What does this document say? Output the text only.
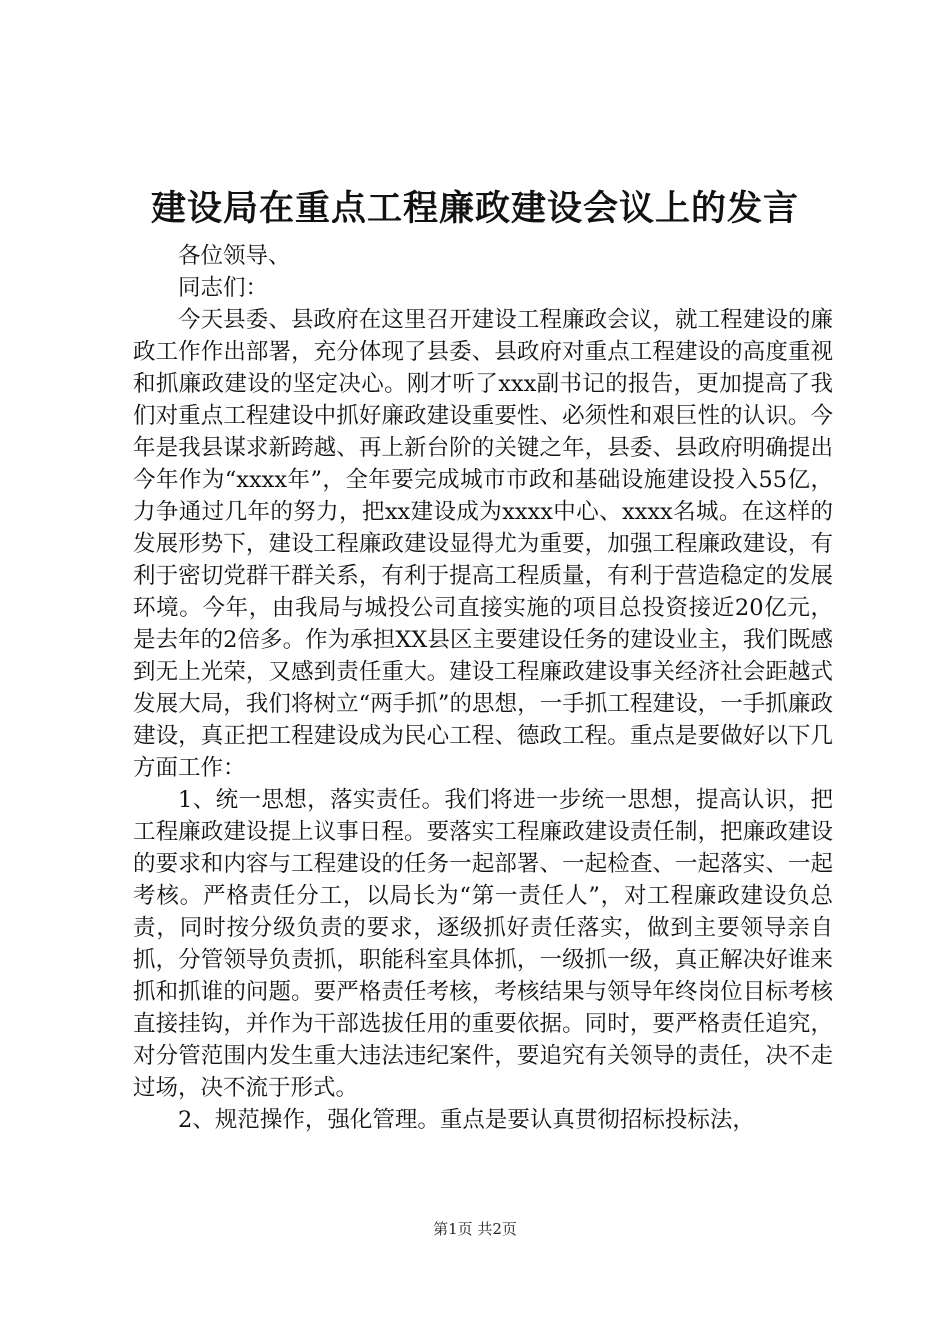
建设局在重点工程廉政建设会议上的发言

各位领导、

同志们：

今天县委、县政府在这里召开建设工程廉政会议，就工程建设的廉政工作作出部署，充分体现了县委、县政府对重点工程建设的高度重视和抓廉政建设的坚定决心。刚才听了xxx副书记的报告，更加提高了我们对重点工程建设中抓好廉政建设重要性、必须性和艰巨性的认识。今年是我县谋求新跨越、再上新台阶的关键之年，县委、县政府明确提出今年作为“xxxx年”，全年要完成城市市政和基础设施建设投入55亿，力争通过几年的努力，把xx建设成为xxxx中心、xxxx名城。在这样的发展形势下，建设工程廉政建设显得尤为重要，加强工程廉政建设，有利于密切党群干群关系，有利于提高工程质量，有利于营造稳定的发展环境。今年，由我局与城投公司直接实施的项目总投资接近20亿元，是去年的2倍多。作为承担XX县区主要建设任务的建设业主，我们既感到无上光荣，又感到责任重大。建设工程廉政建设事关经济社会距越式发展大局，我们将树立“两手抓”的思想，一手抓工程建设，一手抓廉政建设，真正把工程建设成为民心工程、德政工程。重点是要做好以下几方面工作：

1、统一思想，落实责任。我们将进一步统一思想，提高认识，把工程廉政建设提上议事日程。要落实工程廉政建设责任制，把廉政建设的要求和内容与工程建设的任务一起部署、一起检查、一起落实、一起考核。严格责任分工，以局长为“第一责任人”，对工程廉政建设负总责，同时按分级负责的要求，逐级抓好责任落实，做到主要领导亲自抓，分管领导负责抓，职能科室具体抓，一级抓一级，真正解决好谁来抓和抓谁的问题。要严格责任考核，考核结果与领导年终岗位目标考核直接挂钩，并作为干部选拔任用的重要依据。同时，要严格责任追究，对分管范围内发生重大违法违纪案件，要追究有关领导的责任，决不走过场，决不流于形式。

2、规范操作，强化管理。重点是要认真贯彻招标投标法，

第1页 共2页
